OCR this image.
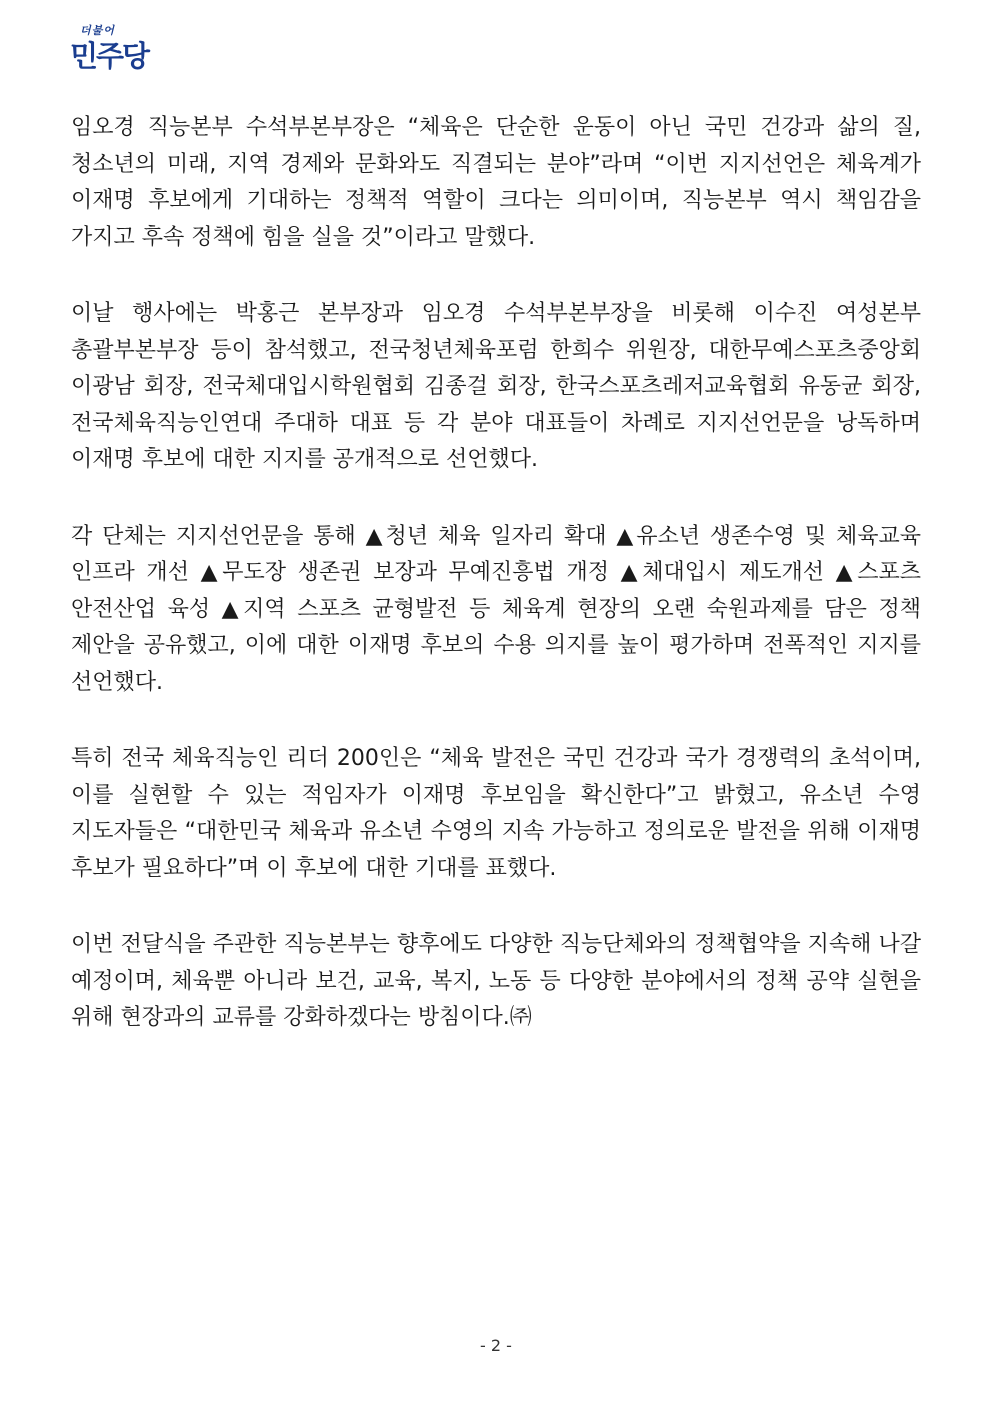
더불어
민주당

임오경 직능본부 수석부본부장은 “체육은 단순한 운동이 아닌 국민 건강과 삶의 질, 청소년의 미래, 지역 경제와 문화와도 직결되는 분야”라며 “이번 지지선언은 체육계가 이재명 후보에게 기대하는 정책적 역할이 크다는 의미이며, 직능본부 역시 책임감을 가지고 후속 정책에 힘을 실을 것”이라고 말했다.

이날 행사에는 박홍근 본부장과 임오경 수석부본부장을 비롯해 이수진 여성본부 총괄부본부장 등이 참석했고, 전국청년체육포럼 한희수 위원장, 대한무예스포츠중앙회 이광남 회장, 전국체대입시학원협회 김종걸 회장, 한국스포츠레저교육협회 유동균 회장, 전국체육직능인연대 주대하 대표 등 각 분야 대표들이 차례로 지지선언문을 낭독하며 이재명 후보에 대한 지지를 공개적으로 선언했다.

각 단체는 지지선언문을 통해 ▲청년 체육 일자리 확대 ▲유소년 생존수영 및 체육교육 인프라 개선 ▲무도장 생존권 보장과 무예진흥법 개정 ▲체대입시 제도개선 ▲스포츠 안전산업 육성 ▲지역 스포츠 균형발전 등 체육계 현장의 오랜 숙원과제를 담은 정책 제안을 공유했고, 이에 대한 이재명 후보의 수용 의지를 높이 평가하며 전폭적인 지지를 선언했다.

특히 전국 체육직능인 리더 200인은 “체육 발전은 국민 건강과 국가 경쟁력의 초석이며, 이를 실현할 수 있는 적임자가 이재명 후보임을 확신한다”고 밝혔고, 유소년 수영 지도자들은 “대한민국 체육과 유소년 수영의 지속 가능하고 정의로운 발전을 위해 이재명 후보가 필요하다”며 이 후보에 대한 기대를 표했다.

이번 전달식을 주관한 직능본부는 향후에도 다양한 직능단체와의 정책협약을 지속해 나갈 예정이며, 체육뿐 아니라 보건, 교육, 복지, 노동 등 다양한 분야에서의 정책 공약 실현을 위해 현장과의 교류를 강화하겠다는 방침이다.㈜

- 2 -
